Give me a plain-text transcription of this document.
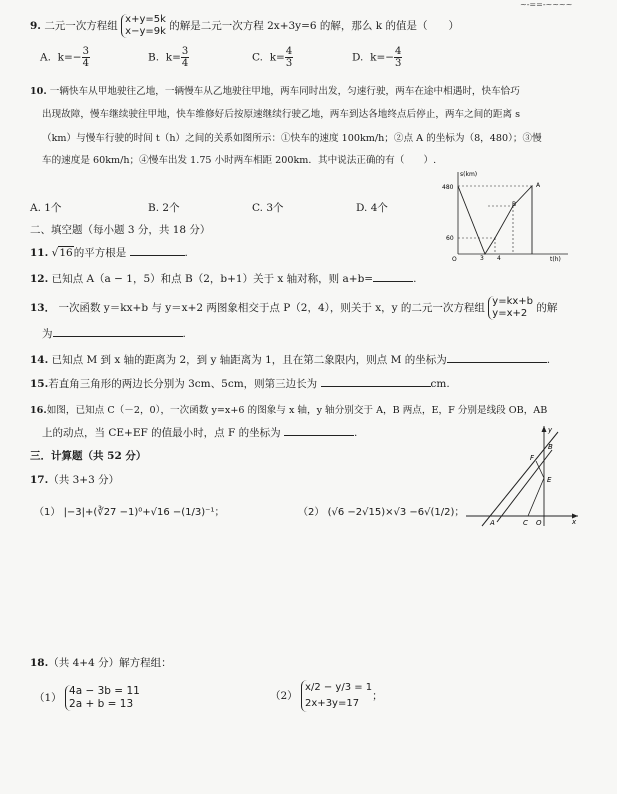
9. 二元一次方程组 x+y=5k
x−y=9k 的解是二元一次方程 2x+3y=6 的解，那么 k 的值是（　　）
A. $k=- \frac{3}{4}$	B. $k= \frac{3}{4}$	C. $k= \frac{4}{3}$	D. $k=- \frac{4}{3}$
10. 一辆快车从甲地驶往乙地，一辆慢车从乙地驶往甲地，两车同时出发，匀速行驶，两车在途中相遇时，快车恰巧
出现故障，慢车继续驶往甲地，快车维修好后按原速继续行驶乙地，两车到达各地终点后停止，两车之间的距离 s
（km）与慢车行驶的时间 t（h）之间的关系如图所示：①快车的速度 100km/h；②点 A 的坐标为（8，480）；③慢
车的速度是 60km/h；④慢车出发 1.75 小时两车相距 200km．其中说法正确的有（　　）.
s(km)
t(h)
480
60
O	3 4
A
B
A. 1个	B. 2个	C. 3个	D. 4个
二、填空题（每小题 3 分，共 18 分）
11. √16的平方根是	.
12. 已知点 A（a − 1，5）和点 B（2，b+1）关于 x 轴对称，则 a+b=	.
13． 一次函数 y＝kx+b 与 y＝x+2 两图象相交于点 P（2，4），则关于 x，y 的二元一次方程组 y=kx+b
y=x+2 的解
为	.
14. 已知点 M 到 x 轴的距离为 2，到 y 轴距离为 1，且在第二象限内，则点 M 的坐标为	.
15.若直角三角形的两边长分别为 3cm、5cm，则第三边长为	cm.
16.如图，已知点 C（－2，0），一次函数 y=x+6 的图象与 x 轴，y 轴分别交于 A，B 两点，E，F 分别是线段 OB，AB
上的动点，当 CE+EF 的值最小时，点 F 的坐标为	.
三．计算题（共 52 分）
x
y
A	C O
E
F
B
17.（共 3+3 分）
（1） |−3|+(∛27 −1)⁰+√16 −(1/3)⁻¹；	（2） (√6 −2√15)×√3 −6√(1/2)；
18.（共 4+4 分）解方程组：
（1） 4a − 3b = 11
2a + b = 13
（2） x/2 − y/3 = 1
2x+3y=17；
~-==-~~~~
